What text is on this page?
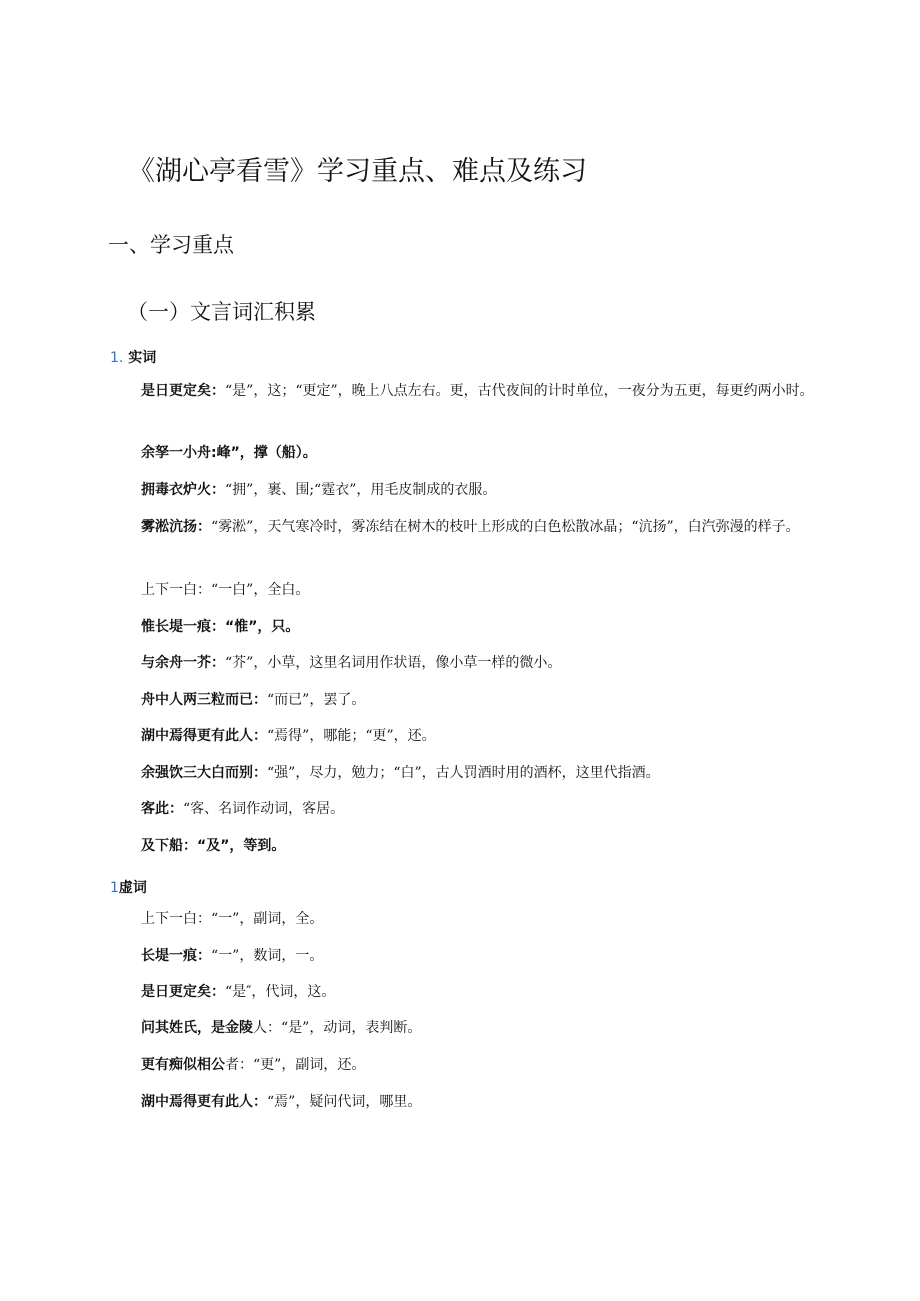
《湖心亭看雪》学习重点、难点及练习
一、学习重点
（一）文言词汇积累
1. 实词

是日更定矣：“是”，这；“更定”，晚上八点左右。更，古代夜间的计时单位，一夜分为五更，每更约两小时。

余孥一小舟:峰”，撑（船）。

拥毒衣炉火：“拥”，裹、围;“霆衣”，用毛皮制成的衣服。

雾淞沆扬：“雾淞”，天气寒冷时，雾冻结在树木的枝叶上形成的白色松散冰晶；“沆扬”，白汽弥漫的样子。

上下一白：“一白”，全白。

惟长堤一痕：“惟”，只。

与余舟一芥：“芥”，小草，这里名词用作状语，像小草一样的微小。

舟中人两三粒而已：“而已”，罢了。

湖中焉得更有此人：“焉得”，哪能；“更”，还。

余强饮三大白而别：“强”，尽力，勉力；“白”，古人罚酒时用的酒杯，这里代指酒。

客此：“客、名词作动词，客居。

及下船：“及”，等到。

1虚词

上下一白：“一”，副词，全。

长堤一痕：“一”，数词，一。

是日更定矣：“是″，代词，这。

问其姓氏，是金陵人：“是”，动词，表判断。

更有痴似相公者：“更”，副词，还。

湖中焉得更有此人：“焉”，疑问代词，哪里。
